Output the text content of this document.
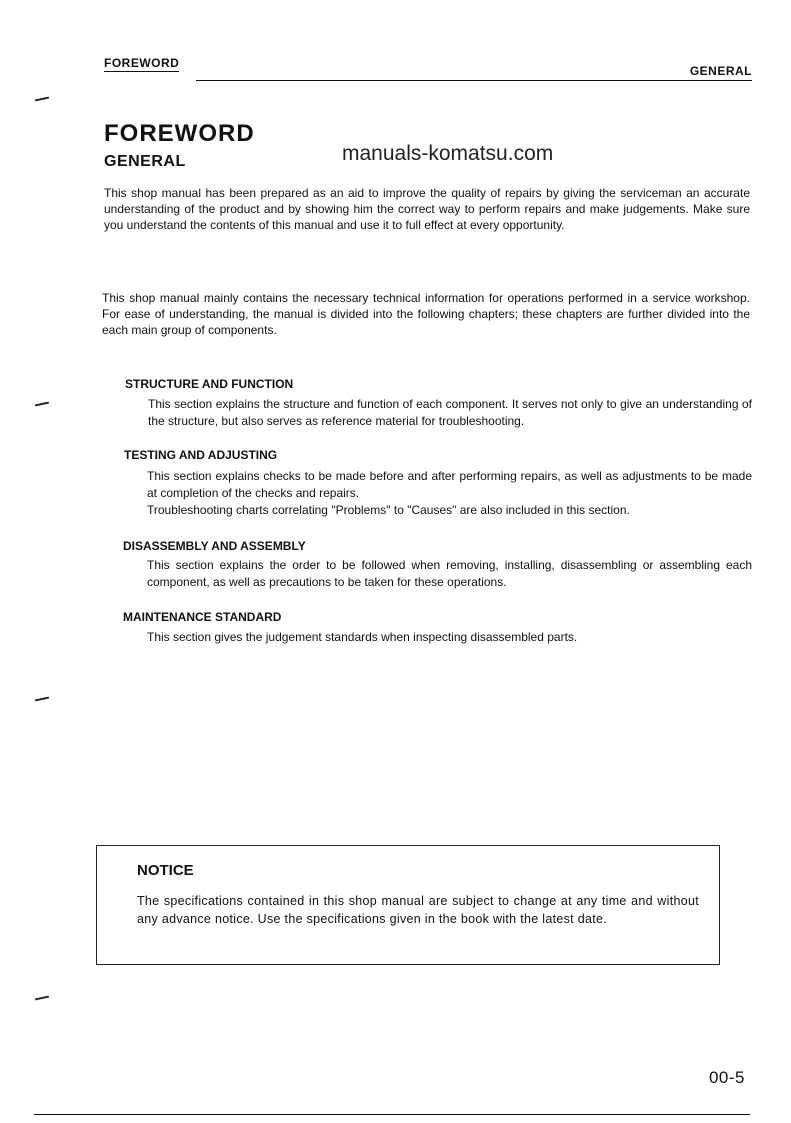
FOREWORD
GENERAL
FOREWORD
GENERAL	manuals-komatsu.com

This shop manual has been prepared as an aid to improve the quality of repairs by giving the serviceman an accurate understanding of the product and by showing him the correct way to perform repairs and make judgements. Make sure you understand the contents of this manual and use it to full effect at every opportunity.

This shop manual mainly contains the necessary technical information for operations performed in a service workshop. For ease of understanding, the manual is divided into the following chapters; these chapters are further divided into the each main group of components.

STRUCTURE AND FUNCTION

This section explains the structure and function of each component. It serves not only to give an understanding of the structure, but also serves as reference material for troubleshooting.

TESTING AND ADJUSTING

This section explains checks to be made before and after performing repairs, as well as adjustments to be made at completion of the checks and repairs.
Troubleshooting charts correlating "Problems" to "Causes" are also included in this section.

DISASSEMBLY AND ASSEMBLY

This section explains the order to be followed when removing, installing, disassembling or assembling each component, as well as precautions to be taken for these operations.

MAINTENANCE STANDARD

This section gives the judgement standards when inspecting disassembled parts.

NOTICE

The specifications contained in this shop manual are subject to change at any time and without any advance notice. Use the specifications given in the book with the latest date.

00-5
